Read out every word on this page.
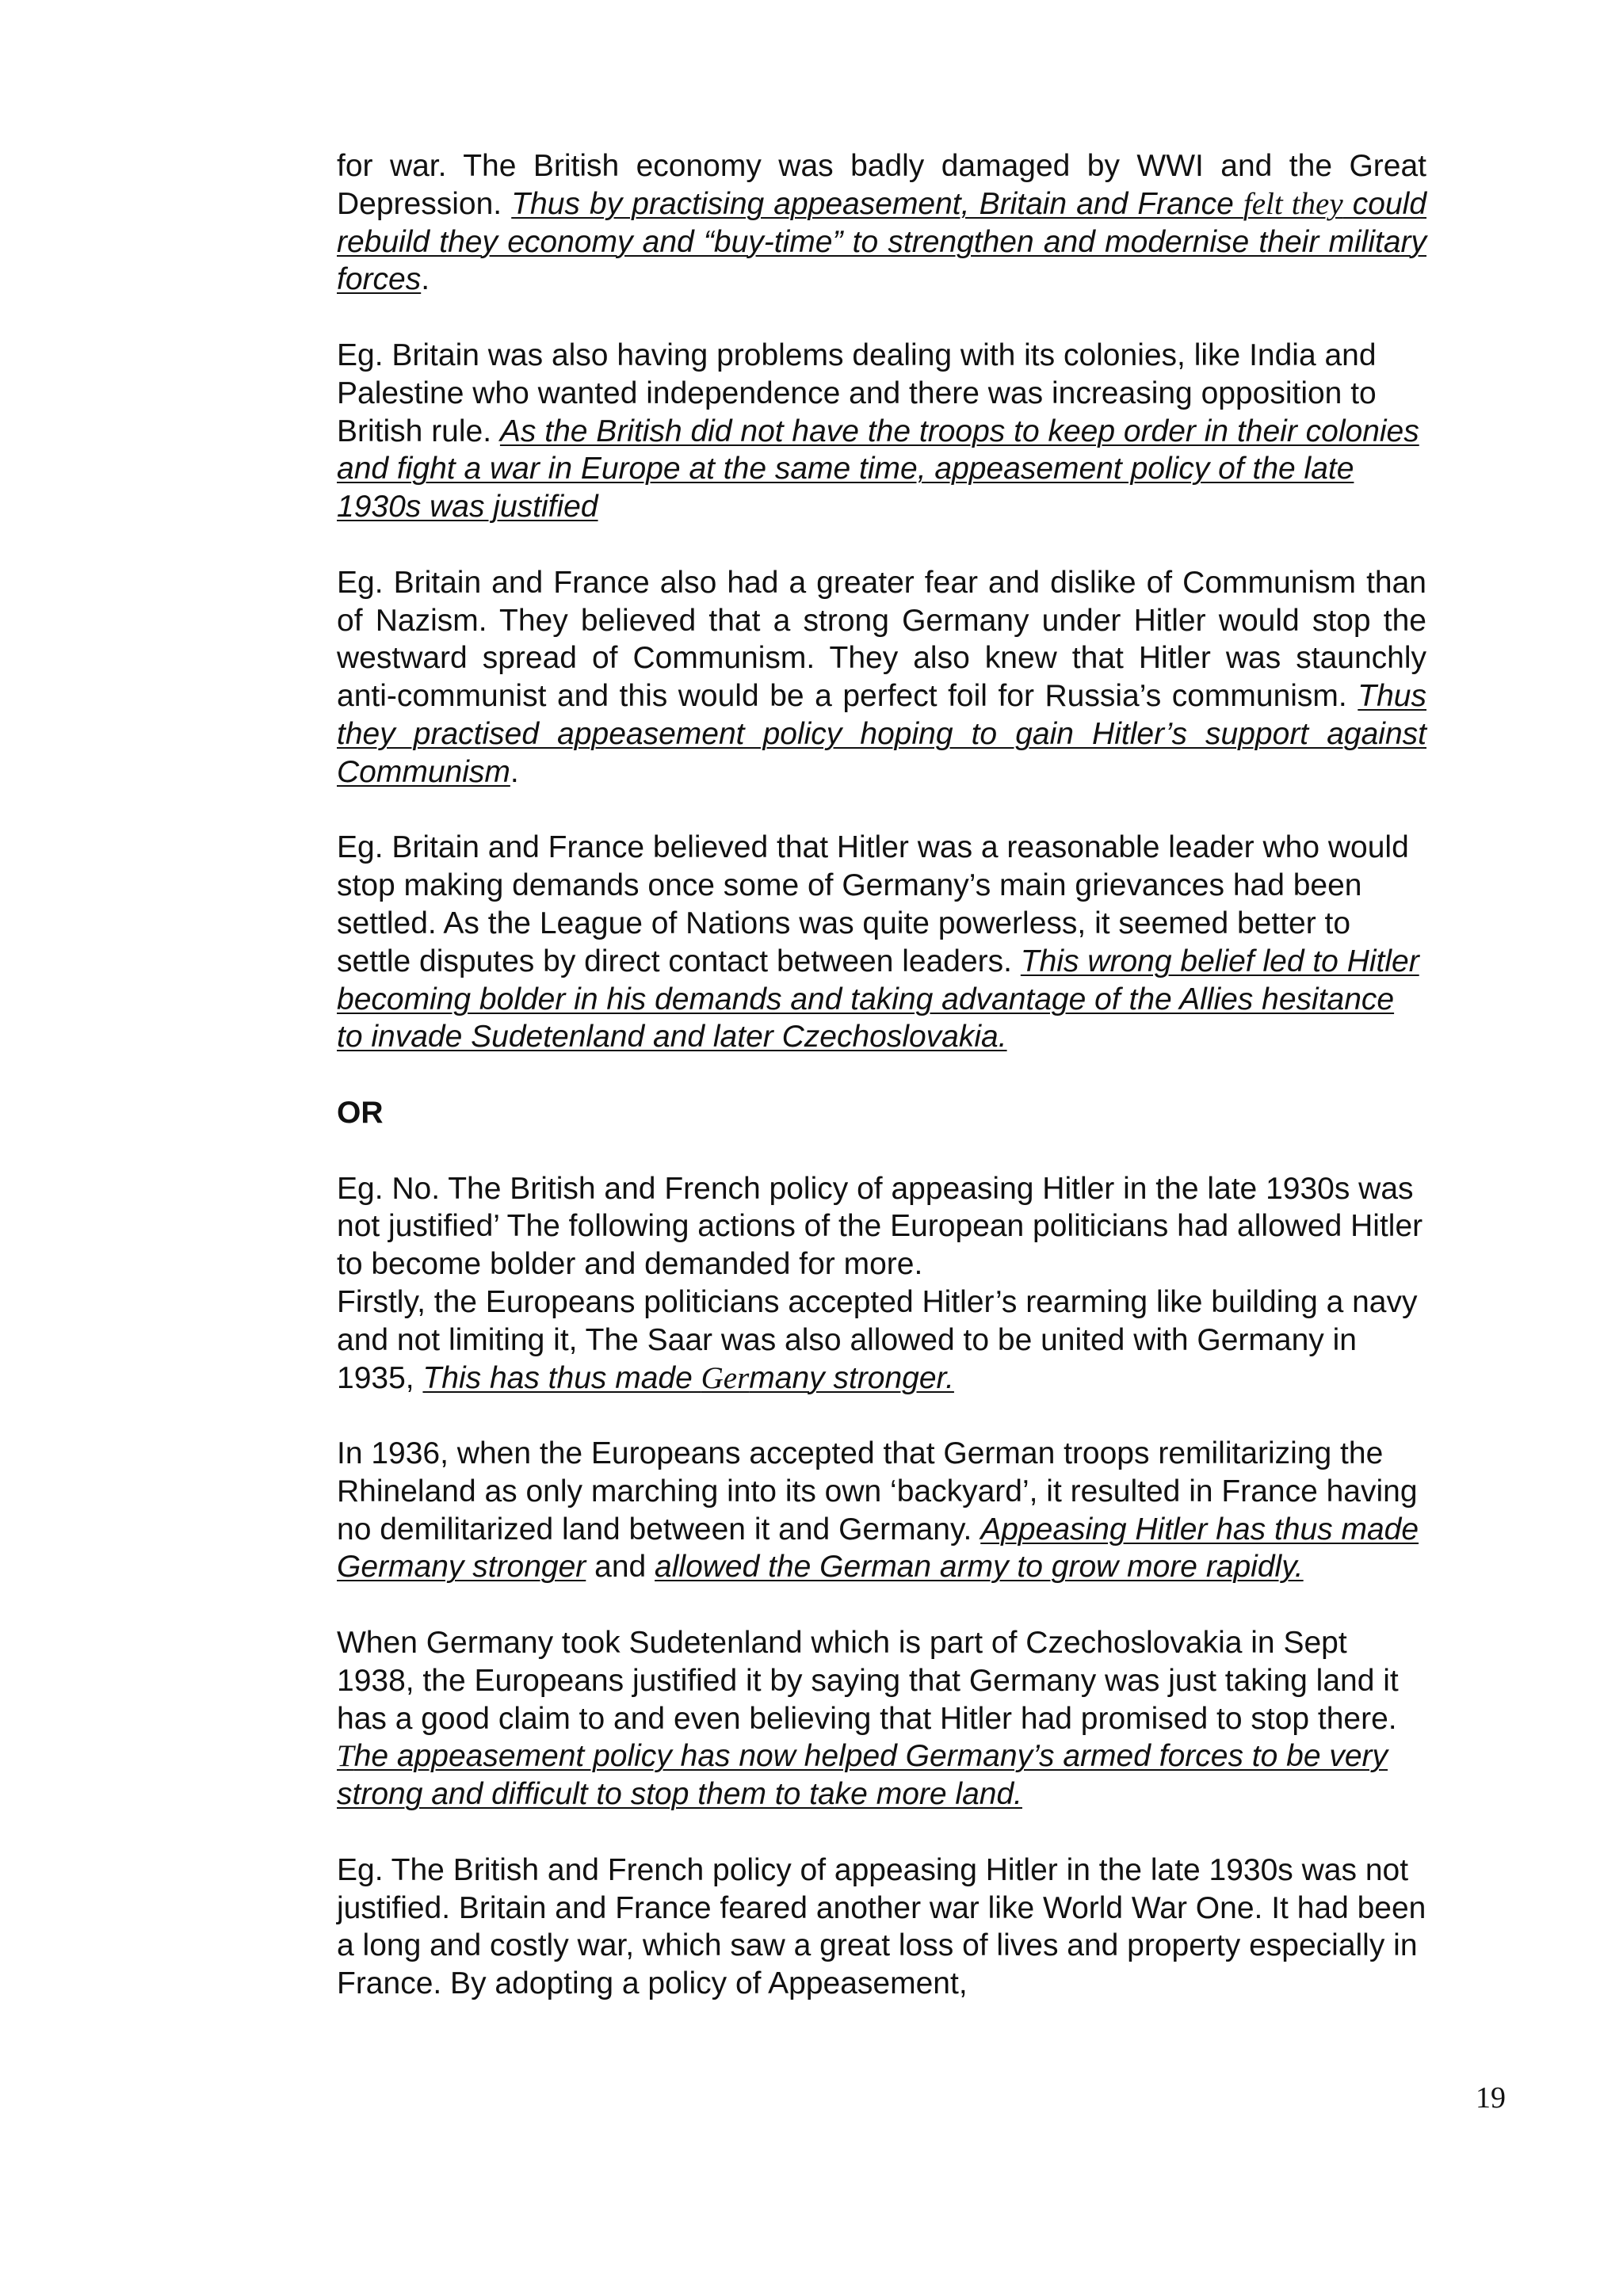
for war. The British economy was badly damaged by WWI and the Great Depression. Thus by practising appeasement, Britain and France felt they could rebuild they economy and “buy-time” to strengthen and modernise their military forces.

Eg. Britain was also having problems dealing with its colonies, like India and Palestine who wanted independence and there was increasing opposition to British rule. As the British did not have the troops to keep order in their colonies and fight a war in Europe at the same time, appeasement policy of the late 1930s was justified

Eg. Britain and France also had a greater fear and dislike of Communism than of Nazism. They believed that a strong Germany under Hitler would stop the westward spread of Communism. They also knew that Hitler was staunchly anti-communist and this would be a perfect foil for Russia’s communism. Thus they practised appeasement policy hoping to gain Hitler’s support against Communism.

Eg. Britain and France believed that Hitler was a reasonable leader who would stop making demands once some of Germany’s main grievances had been settled. As the League of Nations was quite powerless, it seemed better to settle disputes by direct contact between leaders. This wrong belief led to Hitler becoming bolder in his demands and taking advantage of the Allies hesitance to invade Sudetenland and later Czechoslovakia.

OR

Eg. No. The British and French policy of appeasing Hitler in the late 1930s was not justified’ The following actions of the European politicians had allowed Hitler to become bolder and demanded for more.

Firstly, the Europeans politicians accepted Hitler’s rearming like building a navy and not limiting it, The Saar was also allowed to be united with Germany in 1935, This has thus made Germany stronger.

In 1936, when the Europeans accepted that German troops remilitarizing the Rhineland as only marching into its own ‘backyard’, it resulted in France having no demilitarized land between it and Germany. Appeasing Hitler has thus made Germany stronger and allowed the German army to grow more rapidly.

When Germany took Sudetenland which is part of Czechoslovakia in Sept 1938, the Europeans justified it by saying that Germany was just taking land it has a good claim to and even believing that Hitler had promised to stop there. The appeasement policy has now helped Germany’s armed forces to be very strong and difficult to stop them to take more land.

Eg. The British and French policy of appeasing Hitler in the late 1930s was not justified. Britain and France feared another war like World War One. It had been a long and costly war, which saw a great loss of lives and property especially in France. By adopting a policy of Appeasement,

19
